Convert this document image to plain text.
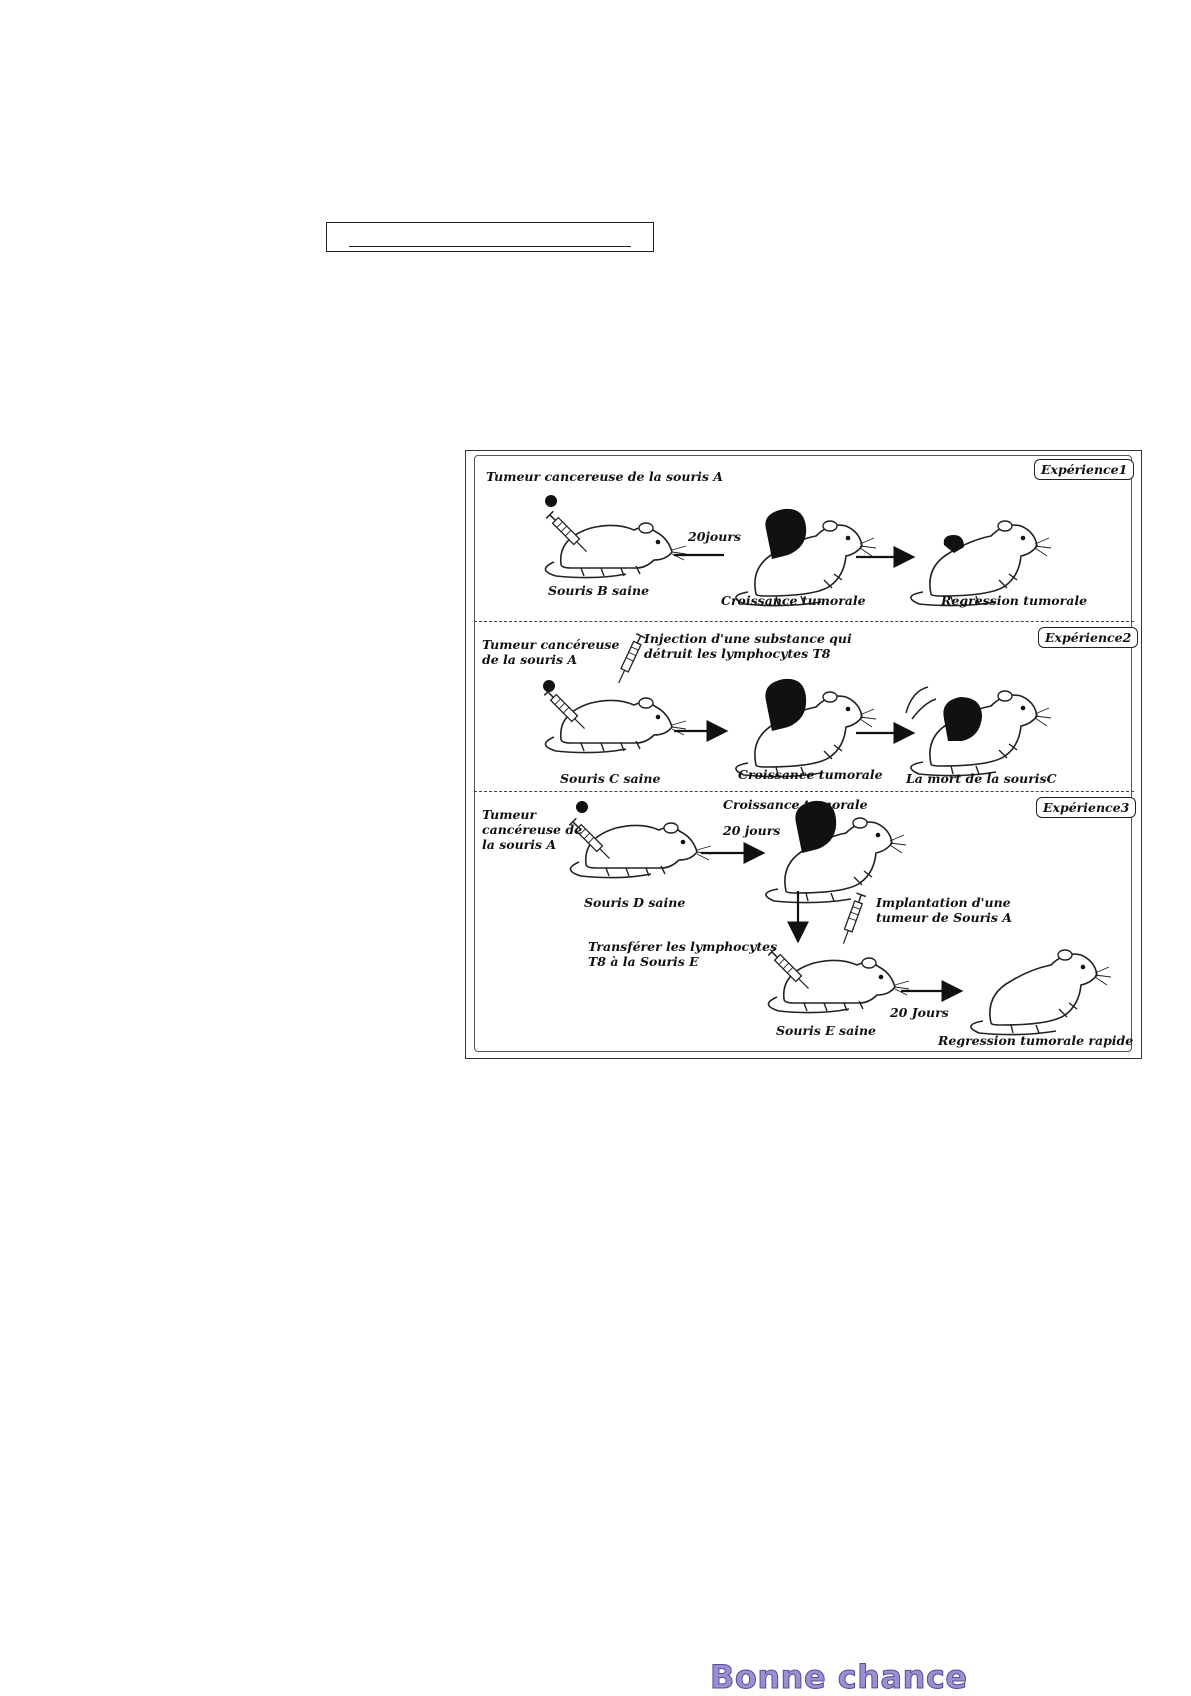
Expérience1
Tumeur cancereuse de la souris A
20jours
Souris B saine
Croissance tumorale	Regression tumorale
Expérience2
Tumeur cancéreuse
de la souris A
Injection d'une substance qui
détruit les lymphocytes T8
Souris C saine	Croissance tumorale La mort de la sourisC
Expérience3
Tumeur
cancéreuse de
la souris A
Croissance tumorale
20 jours
Souris D saine	Implantation d'une
tumeur de Souris A
Transférer les lymphocytes
T8 à la Souris E
Souris E saine
20 Jours
Regression tumorale rapide
Bonne chance
